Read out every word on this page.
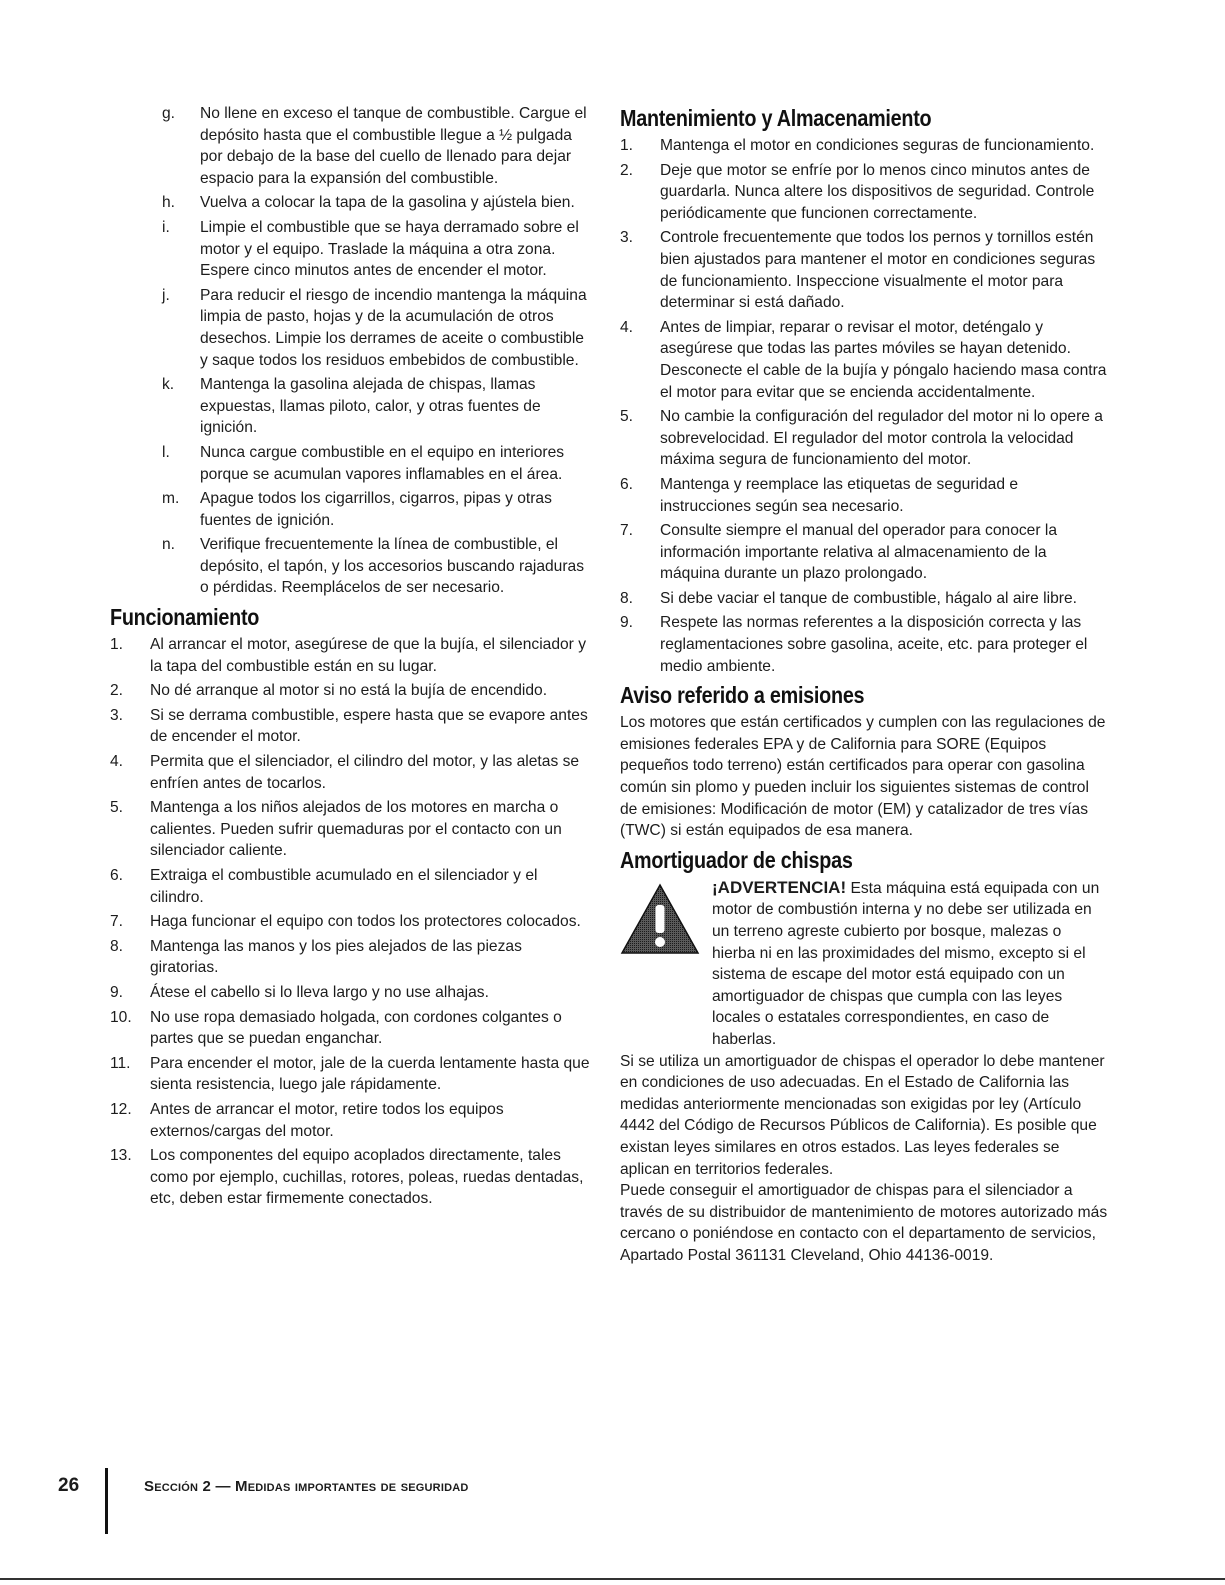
g.	No llene en exceso el tanque de combustible. Cargue el depósito hasta que el combustible llegue a ½ pulgada por debajo de la base del cuello de llenado para dejar espacio para la expansión del combustible.
h.	Vuelva a colocar la tapa de la gasolina y ajústela bien.
i.	Limpie el combustible que se haya derramado sobre el motor y el equipo. Traslade la máquina a otra zona. Espere cinco minutos antes de encender el motor.
j.	Para reducir el riesgo de incendio mantenga la máquina limpia de pasto, hojas y de la acumulación de otros desechos. Limpie los derrames de aceite o combustible y saque todos los residuos embebidos de combustible.
k.	Mantenga la gasolina alejada de chispas, llamas expuestas, llamas piloto, calor, y otras fuentes de ignición.
l.	Nunca cargue combustible en el equipo en interiores porque se acumulan vapores inflamables en el área.
m.	Apague todos los cigarrillos, cigarros, pipas y otras fuentes de ignición.
n.	Verifique frecuentemente la línea de combustible, el depósito, el tapón, y los accesorios buscando rajaduras o pérdidas. Reemplácelos de ser necesario.
Funcionamiento
1.	Al arrancar el motor, asegúrese de que la bujía, el silenciador y la tapa del combustible están en su lugar.
2.	No dé arranque al motor si no está la bujía de encendido.
3.	Si se derrama combustible, espere hasta que se evapore antes de encender el motor.
4.	Permita que el silenciador, el cilindro del motor, y las aletas se enfríen antes de tocarlos.
5.	Mantenga a los niños alejados de los motores en marcha o calientes. Pueden sufrir quemaduras por el contacto con un silenciador caliente.
6.	Extraiga el combustible acumulado en el silenciador y el cilindro.
7.	Haga funcionar el equipo con todos los protectores colocados.
8.	Mantenga las manos y los pies alejados de las piezas giratorias.
9.	Átese el cabello si lo lleva largo y no use alhajas.
10.	No use ropa demasiado holgada, con cordones colgantes o partes que se puedan enganchar.
11.	Para encender el motor, jale de la cuerda lentamente hasta que sienta resistencia, luego jale rápidamente.
12.	Antes de arrancar el motor, retire todos los equipos externos/cargas del motor.
13.	Los componentes del equipo acoplados directamente, tales como por ejemplo, cuchillas, rotores, poleas, ruedas dentadas, etc, deben estar firmemente conectados.
Mantenimiento y Almacenamiento
1.	Mantenga el motor en condiciones seguras de funcionamiento.
2.	Deje que motor se enfríe por lo menos cinco minutos antes de guardarla. Nunca altere los dispositivos de seguridad. Controle periódicamente que funcionen correctamente.
3.	Controle frecuentemente que todos los pernos y tornillos estén bien ajustados para mantener el motor en condiciones seguras de funcionamiento. Inspeccione visualmente el motor para determinar si está dañado.
4.	Antes de limpiar, reparar o revisar el motor, deténgalo y asegúrese que todas las partes móviles se hayan detenido. Desconecte el cable de la bujía y póngalo haciendo masa contra el motor para evitar que se encienda accidentalmente.
5.	No cambie la configuración del regulador del motor ni lo opere a sobrevelocidad. El regulador del motor controla la velocidad máxima segura de funcionamiento del motor.
6.	Mantenga y reemplace las etiquetas de seguridad e instrucciones según sea necesario.
7.	Consulte siempre el manual del operador para conocer la información importante relativa al almacenamiento de la máquina durante un plazo prolongado.
8.	Si debe vaciar el tanque de combustible, hágalo al aire libre.
9.	Respete las normas referentes a la disposición correcta y las reglamentaciones sobre gasolina, aceite, etc. para proteger el medio ambiente.
Aviso referido a emisiones

Los motores que están certificados y cumplen con las regulaciones de emisiones federales EPA y de California para SORE (Equipos pequeños todo terreno) están certificados para operar con gasolina común sin plomo y pueden incluir los siguientes sistemas de control de emisiones: Modificación de motor (EM) y catalizador de tres vías (TWC) si están equipados de esa manera.

Amortiguador de chispas
¡ADVERTENCIA! Esta máquina está equipada con un motor de combustión interna y no debe ser utilizada en un terreno agreste cubierto por bosque, malezas o hierba ni en las proximidades del mismo, excepto si el sistema de escape del motor está equipado con un amortiguador de chispas que cumpla con las leyes locales o estatales correspondientes, en caso de haberlas.

Si se utiliza un amortiguador de chispas el operador lo debe mantener en condiciones de uso adecuadas. En el Estado de California las medidas anteriormente mencionadas son exigidas por ley (Artículo 4442 del Código de Recursos Públicos de California). Es posible que existan leyes similares en otros estados. Las leyes federales se aplican en territorios federales.

Puede conseguir el amortiguador de chispas para el silenciador a través de su distribuidor de mantenimiento de motores autorizado más cercano o poniéndose en contacto con el departamento de servicios, Apartado Postal 361131 Cleveland, Ohio 44136-0019.

26	Sección 2 — Medidas importantes de seguridad
